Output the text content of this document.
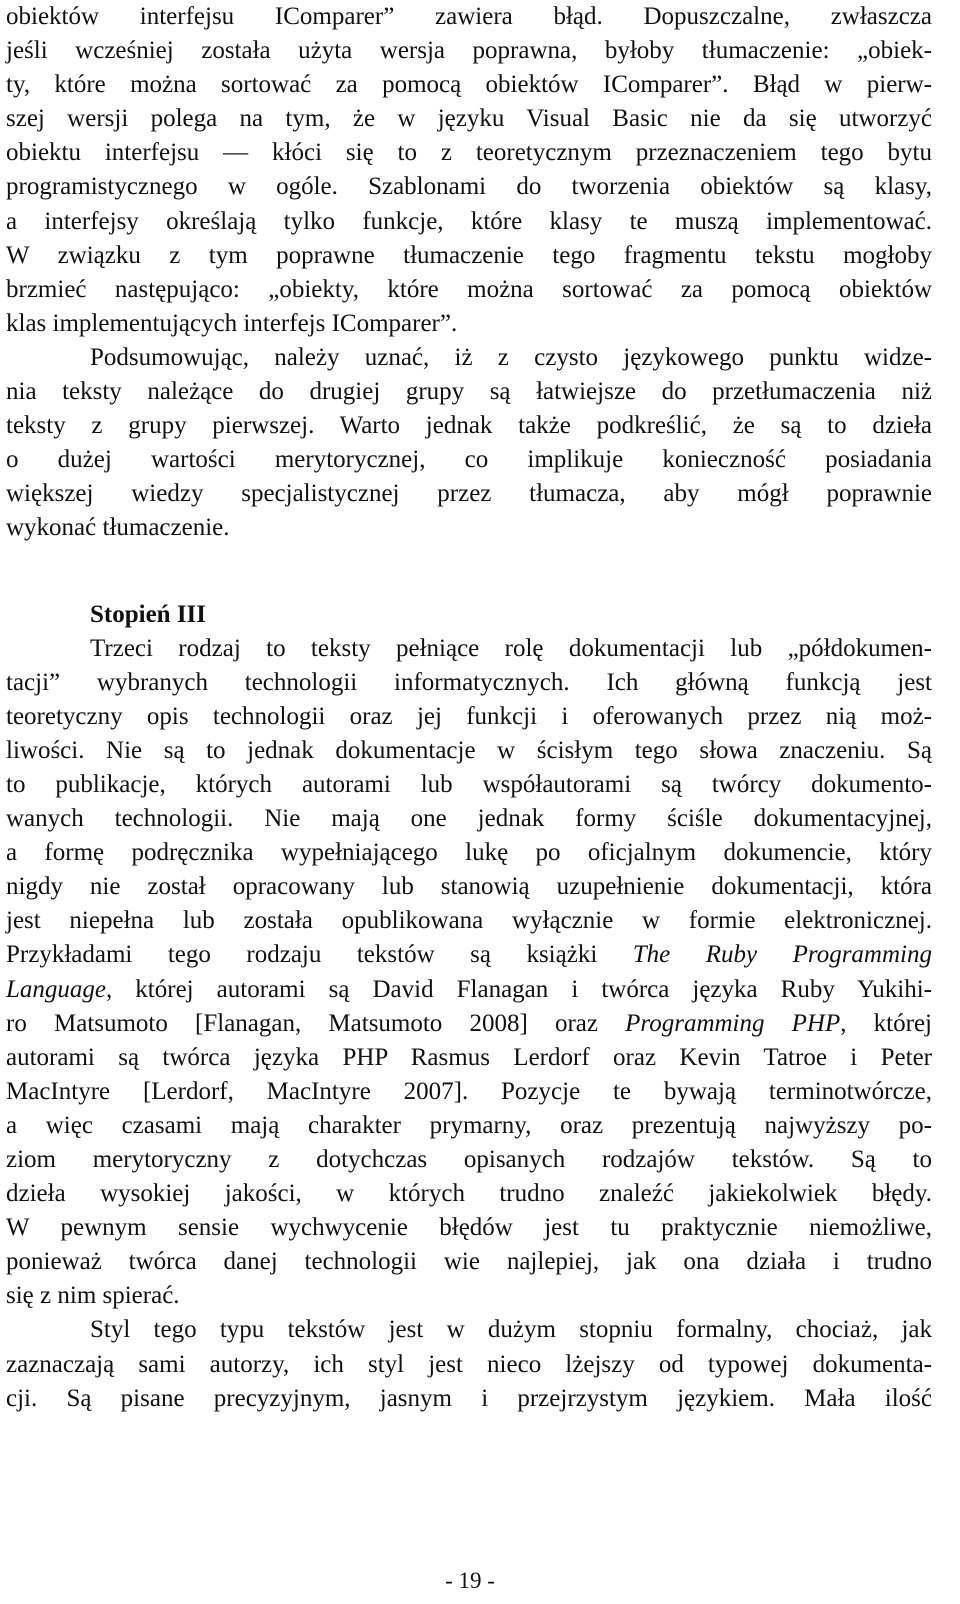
obiektów interfejsu IComparer” zawiera błąd. Dopuszczalne, zwłaszcza
jeśli wcześniej została użyta wersja poprawna, byłoby tłumaczenie: „obiek-
ty, które można sortować za pomocą obiektów IComparer”. Błąd w pierw-
szej wersji polega na tym, że w języku Visual Basic nie da się utworzyć
obiektu interfejsu — kłóci się to z teoretycznym przeznaczeniem tego bytu
programistycznego w ogóle. Szablonami do tworzenia obiektów są klasy,
a interfejsy określają tylko funkcje, które klasy te muszą implementować.
W związku z tym poprawne tłumaczenie tego fragmentu tekstu mogłoby
brzmieć następująco: „obiekty, które można sortować za pomocą obiektów
klas implementujących interfejs IComparer”.
Podsumowując, należy uznać, iż z czysto językowego punktu widze-
nia teksty należące do drugiej grupy są łatwiejsze do przetłumaczenia niż
teksty z grupy pierwszej. Warto jednak także podkreślić, że są to dzieła
o dużej wartości merytorycznej, co implikuje konieczność posiadania
większej wiedzy specjalistycznej przez tłumacza, aby mógł poprawnie
wykonać tłumaczenie.
Stopień III
Trzeci rodzaj to teksty pełniące rolę dokumentacji lub „półdokumen-
tacji” wybranych technologii informatycznych. Ich główną funkcją jest
teoretyczny opis technologii oraz jej funkcji i oferowanych przez nią moż-
liwości. Nie są to jednak dokumentacje w ścisłym tego słowa znaczeniu. Są
to publikacje, których autorami lub współautorami są twórcy dokumento-
wanych technologii. Nie mają one jednak formy ściśle dokumentacyjnej,
a formę podręcznika wypełniającego lukę po oficjalnym dokumencie, który
nigdy nie został opracowany lub stanowią uzupełnienie dokumentacji, która
jest niepełna lub została opublikowana wyłącznie w formie elektronicznej.
Przykładami tego rodzaju tekstów są książki The Ruby Programming
Language, której autorami są David Flanagan i twórca języka Ruby Yukihi-
ro Matsumoto [Flanagan, Matsumoto 2008] oraz Programming PHP, której
autorami są twórca języka PHP Rasmus Lerdorf oraz Kevin Tatroe i Peter
MacIntyre [Lerdorf, MacIntyre 2007]. Pozycje te bywają terminotwórcze,
a więc czasami mają charakter prymarny, oraz prezentują najwyższy po-
ziom merytoryczny z dotychczas opisanych rodzajów tekstów. Są to
dzieła wysokiej jakości, w których trudno znaleźć jakiekolwiek błędy.
W pewnym sensie wychwycenie błędów jest tu praktycznie niemożliwe,
ponieważ twórca danej technologii wie najlepiej, jak ona działa i trudno
się z nim spierać.
Styl tego typu tekstów jest w dużym stopniu formalny, chociaż, jak
zaznaczają sami autorzy, ich styl jest nieco lżejszy od typowej dokumenta-
cji. Są pisane precyzyjnym, jasnym i przejrzystym językiem. Mała ilość
- 19 -
